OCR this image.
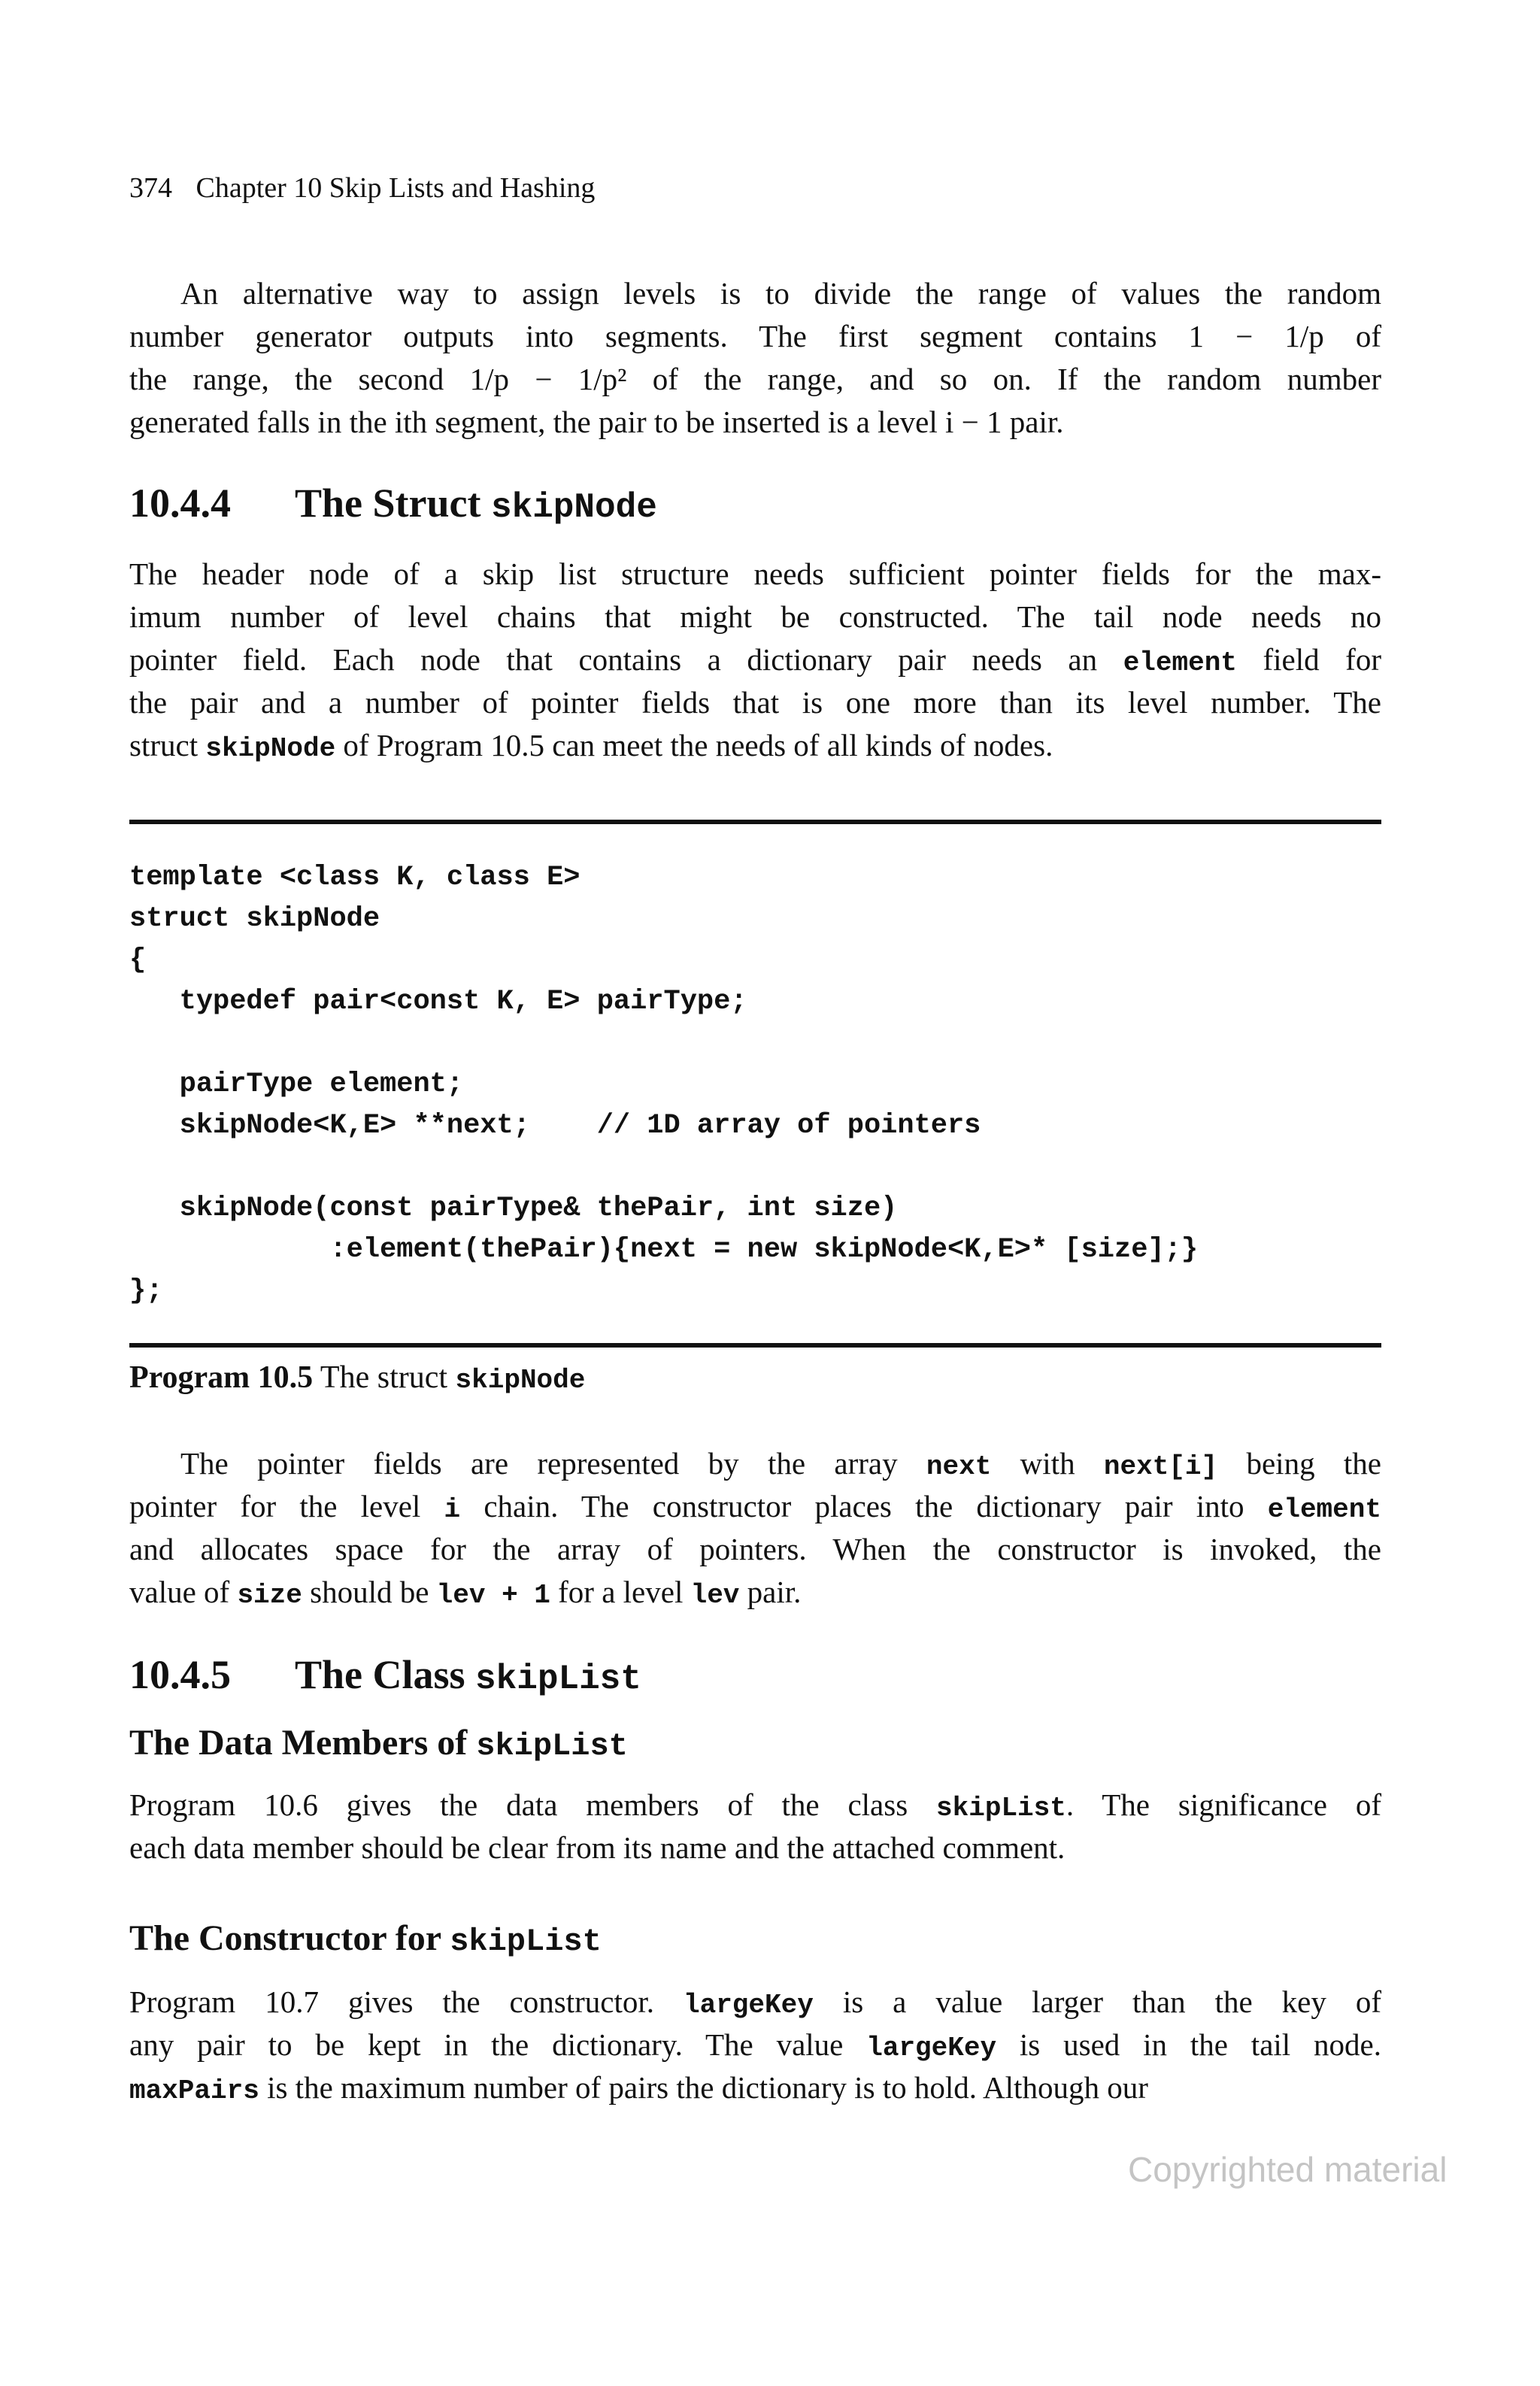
374 Chapter 10 Skip Lists and Hashing
An alternative way to assign levels is to divide the range of values the random
number generator outputs into segments. The first segment contains 1 − 1/p of
the range, the second 1/p − 1/p² of the range, and so on. If the random number
generated falls in the ith segment, the pair to be inserted is a level i − 1 pair.
10.4.4 The Struct skipNode
The header node of a skip list structure needs sufficient pointer fields for the max-
imum number of level chains that might be constructed. The tail node needs no
pointer field. Each node that contains a dictionary pair needs an element field for
the pair and a number of pointer fields that is one more than its level number. The
struct skipNode of Program 10.5 can meet the needs of all kinds of nodes.
template <class K, class E>
struct skipNode
{
typedef pair<const K, E> pairType;

pairType element;
skipNode<K,E> **next;    // 1D array of pointers

skipNode(const pairType& thePair, int size)
:element(thePair){next = new skipNode<K,E>* [size];}
};
Program 10.5 The struct skipNode
The pointer fields are represented by the array next with next[i] being the
pointer for the level i chain. The constructor places the dictionary pair into element
and allocates space for the array of pointers. When the constructor is invoked, the
value of size should be lev + 1 for a level lev pair.
10.4.5 The Class skipList
The Data Members of skipList
Program 10.6 gives the data members of the class skipList. The significance of
each data member should be clear from its name and the attached comment.
The Constructor for skipList
Program 10.7 gives the constructor. largeKey is a value larger than the key of
any pair to be kept in the dictionary. The value largeKey is used in the tail node.
maxPairs is the maximum number of pairs the dictionary is to hold. Although our
Copyrighted material
